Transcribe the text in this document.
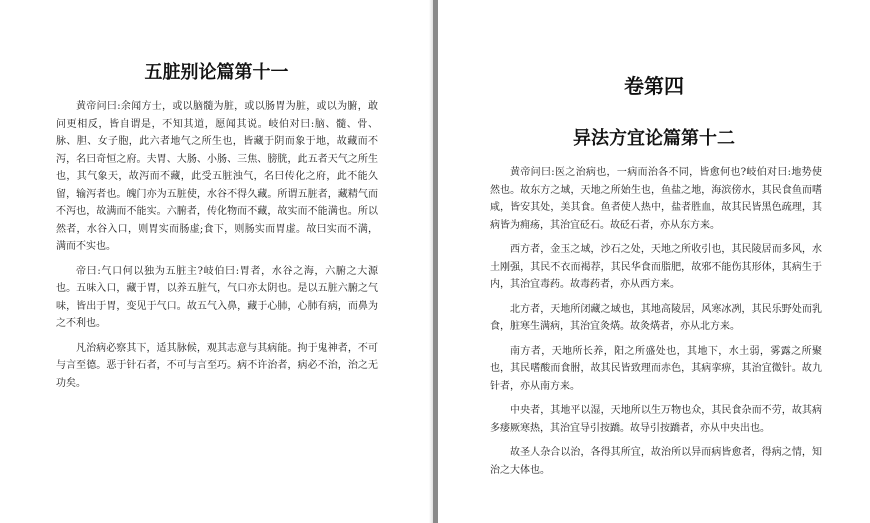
五脏别论篇第十一

黄帝问曰:余闻方士，或以脑髓为脏，或以肠胃为脏，或以为腑，敢问更相反，皆自谓是，不知其道，愿闻其说。岐伯对曰:脑、髓、骨、脉、胆、女子胞，此六者地气之所生也，皆藏于阴而象于地，故藏而不泻，名曰奇恒之府。夫胃、大肠、小肠、三焦、膀胱，此五者天气之所生也，其气象天，故泻而不藏，此受五脏浊气，名曰传化之府，此不能久留，输泻者也。魄门亦为五脏使，水谷不得久藏。所谓五脏者，藏精气而不泻也，故满而不能实。六腑者，传化物而不藏，故实而不能满也。所以然者，水谷入口，则胃实而肠虚;食下，则肠实而胃虚。故曰实而不满，满而不实也。

帝曰:气口何以独为五脏主?岐伯曰:胃者，水谷之海，六腑之大源也。五味入口，藏于胃，以养五脏气，气口亦太阴也。是以五脏六腑之气味，皆出于胃，变见于气口。故五气入鼻，藏于心肺，心肺有病，而鼻为之不利也。

凡治病必察其下，适其脉候，观其志意与其病能。拘于鬼神者，不可与言至德。恶于针石者，不可与言至巧。病不许治者，病必不治，治之无功矣。

卷第四
异法方宜论篇第十二

黄帝问曰:医之治病也，一病而治各不同，皆愈何也?岐伯对曰:地势使然也。故东方之域，天地之所始生也，鱼盐之地，海滨傍水，其民食鱼而嗜咸，皆安其处，美其食。鱼者使人热中，盐者胜血，故其民皆黑色疏理，其病皆为痈疡，其治宜砭石。故砭石者，亦从东方来。

西方者，金玉之域，沙石之处，天地之所收引也，其民陵居而多风，水土刚强，其民不衣而褐荐，其民华食而脂肥，故邪不能伤其形体，其病生于内，其治宜毒药。故毒药者，亦从西方来。

北方者，天地所闭藏之域也，其地高陵居，风寒冰冽，其民乐野处而乳食，脏寒生满病，其治宜灸焫。故灸焫者，亦从北方来。

南方者，天地所长养，阳之所盛处也，其地下，水土弱，雾露之所聚也，其民嗜酸而食胕，故其民皆致理而赤色，其病挛痹，其治宜微针。故九针者，亦从南方来。

中央者，其地平以湿，天地所以生万物也众，其民食杂而不劳，故其病多痿厥寒热，其治宜导引按蹻。故导引按蹻者，亦从中央出也。

故圣人杂合以治，各得其所宜，故治所以异而病皆愈者，得病之情，知治之大体也。
